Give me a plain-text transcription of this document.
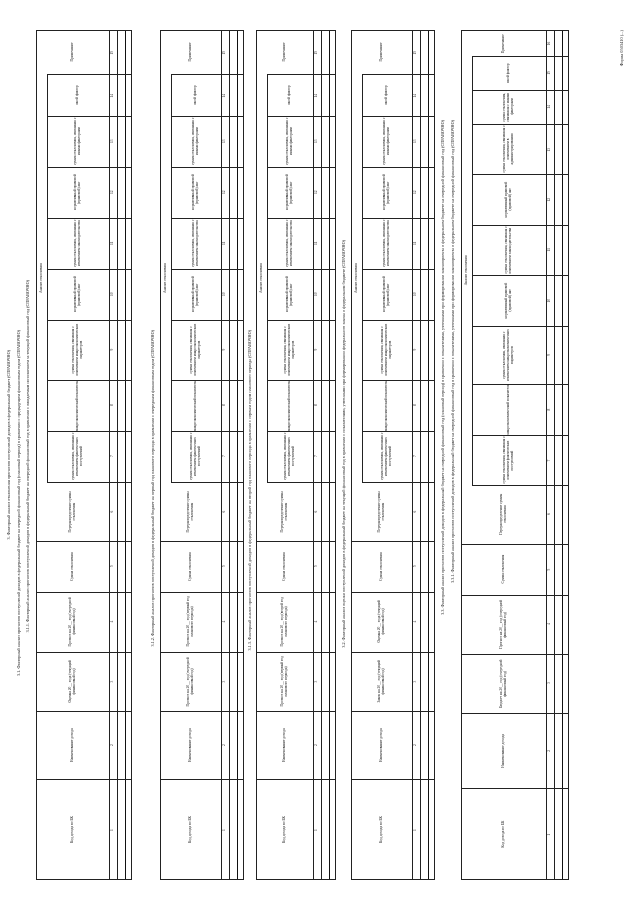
Форма 0503410 (...)
3. Факторный анализ отклонения прогнозов поступлений доходов в федеральный бюджет (СПРАВОЧНО) 3.1. Факторный анализ прогнозов поступлений доходов в федеральный бюджет на очередной финансовый год (плановый период) в сравнении с предыдущим финансовым годом (СПРАВОЧНО) 3.1.1. Факторный анализ прогнозов поступлений доходов в федеральный бюджет на очередной финансовый год в сравнении с ожидаемым исполнением за текущий финансовый год (СПРАВОЧНО)	3.1.2. Факторный анализ прогнозов поступлений доходов в федеральный бюджет на первый год планового периода в сравнении с очередным финансовым годом (СПРАВОЧНО)	3.1.3. Факторный анализ прогнозов поступлений доходов в федеральный бюджет на второй год планового периода в сравнении с первым годом планового периода (СПРАВОЧНО)	3.2. Факторный анализ оценки поступлений доходов в федеральный бюджет на текущий финансовый год в сравнении с показателями, учтенными при формировании федерального закона о федеральном бюджете (СПРАВОЧНО)	3.3. Факторный анализ прогнозов поступлений доходов в федеральный бюджет на очередной финансовый год (плановый период) в сравнении с показателями, учтенными при формировании законопроекта о федеральном бюджете на очередной финансовый год (СПРАВОЧНО) 3.3.1. Факторный анализ прогнозов поступлений доходов в федеральный бюджет на очередной финансовый год в сравнении с показателями, учтенными при формировании законопроекта о федеральном бюджете на очередной финансовый год (СПРАВОЧНО)
Анализ отклонения
Код дохода по БК	1
Наименование дохода	2
Оценка 20__ года (текущий финансовый год)	3
Прогноз на 20__ год (очередной финансовый год)	4
Сумма отклонения	5
Перераспределение суммы отклонения	6
сумма отклонения, связанная с изменением фактических поступлений	7
макроэкономический показатель	8
сумма отклонения, связанная с изменением макроэкономических параметров	9
нормативный правовой (правовой) акт	10
сумма отклонения, связанная с изменением законодательства	11
нормативный правовой (правовой) акт	12
сумма отклонения, связанная с иными факторами	13
иной фактор	14
Примечание	15
Анализ отклонения
Код дохода по БК	1
Наименование дохода	2
Прогноз на 20__ год (очередной финансовый год)	3
Прогноз на 20__ год (первый год планового периода)	4
Сумма отклонения	5
Перераспределение суммы отклонения	6
сумма отклонения, связанная с изменением фактических поступлений	7
макроэкономический показатель	8
сумма отклонения, связанная с изменением макроэкономических параметров	9
нормативный правовой (правовой) акт	10
сумма отклонения, связанная с изменением законодательства	11
нормативный правовой (правовой) акт	12
сумма отклонения, связанная с иными факторами	13
иной фактор	14
Примечание	15
Анализ отклонения
Код дохода по БК	1
Наименование дохода	2
Прогноз на 20__ год (первый год планового периода)	3
Прогноз на 20__ год (второй год планового периода)	4
Сумма отклонения	5
Перераспределение суммы отклонения	6
сумма отклонения, связанная с изменением фактических поступлений	7
макроэкономический показатель	8
сумма отклонения, связанная с изменением макроэкономических параметров	9
нормативный правовой (правовой) акт	10
сумма отклонения, связанная с изменением законодательства	11
нормативный правовой (правовой) акт	12
сумма отклонения, связанная с иными факторами	13
иной фактор	14
Примечание	15
Анализ отклонения
Код дохода по БК	1
Наименование дохода	2
Закон на 20__ год (текущий финансовый год)	3
Оценка 20__ года (текущий финансовый год)	4
Сумма отклонения	5
Перераспределение суммы отклонения	6
сумма отклонения, связанная с изменением фактических поступлений	7
макроэкономический показатель	8
сумма отклонения, связанная с изменением макроэкономических параметров	9
нормативный правовой (правовой) акт	10
сумма отклонения, связанная с изменением законодательства	11
нормативный правовой (правовой) акт	12
сумма отклонения, связанная с иными факторами	13
иной фактор	14
Примечание	15
Анализ отклонения
Код дохода по БК	1
Наименование дохода	2
Бюджет на 20__ год (очередной финансовый год)	3
Прогноз на 20__ год (очередной финансовый год)	4
Сумма отклонения	5
Перераспределение суммы отклонения	6
сумма отклонения, связанная с изменением фактических поступлений	7
макроэкономический показатель	8
сумма отклонения, связанная с изменением макроэкономических параметров	9
нормативный правовой (правовой) акт	10
сумма отклонения, связанная с изменением законодательства	11
нормативный правовой (правовой) акт	12
сумма отклонения, связанная с изменением в администрировании	13
сумма отклонения, связанная с иными факторами	14
иной фактор	15
Примечание	16
